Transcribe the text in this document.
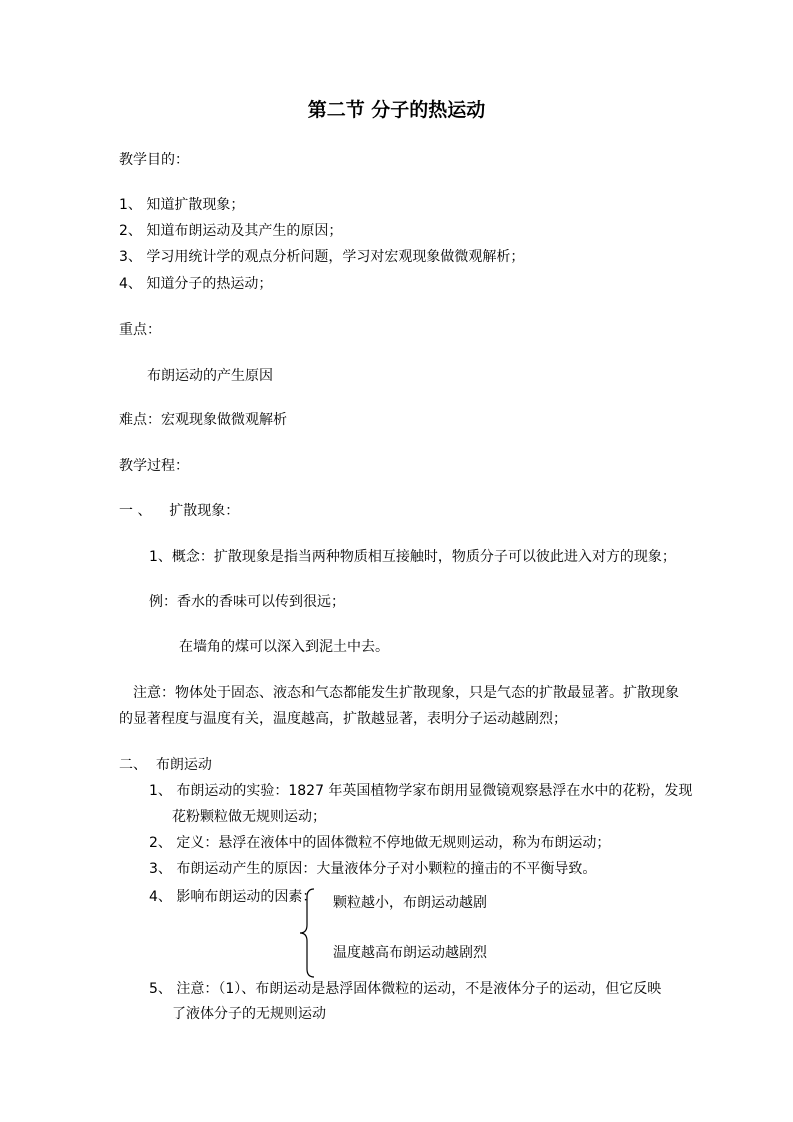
第二节 分子的热运动
教学目的：
1、 知道扩散现象；
2、 知道布朗运动及其产生的原因；
3、 学习用统计学的观点分析问题，学习对宏观现象做微观解析；
4、 知道分子的热运动；
重点：
布朗运动的产生原因
难点：宏观现象做微观解析
教学过程：
一 、    扩散现象：
1、概念：扩散现象是指当两种物质相互接触时，物质分子可以彼此进入对方的现象；
例：香水的香味可以传到很远；
在墙角的煤可以深入到泥土中去。
注意：物体处于固态、液态和气态都能发生扩散现象，只是气态的扩散最显著。扩散现象
的显著程度与温度有关，温度越高，扩散越显著，表明分子运动越剧烈；
二、  布朗运动
1、 布朗运动的实验：1827 年英国植物学家布朗用显微镜观察悬浮在水中的花粉，发现
花粉颗粒做无规则运动；
2、 定义：悬浮在液体中的固体微粒不停地做无规则运动，称为布朗运动；
3、 布朗运动产生的原因：大量液体分子对小颗粒的撞击的不平衡导致。
4、 影响布朗运动的因素： 颗粒越小，布朗运动越剧
温度越高布朗运动越剧烈
5、 注意：（1）、布朗运动是悬浮固体微粒的运动，不是液体分子的运动，但它反映
了液体分子的无规则运动
